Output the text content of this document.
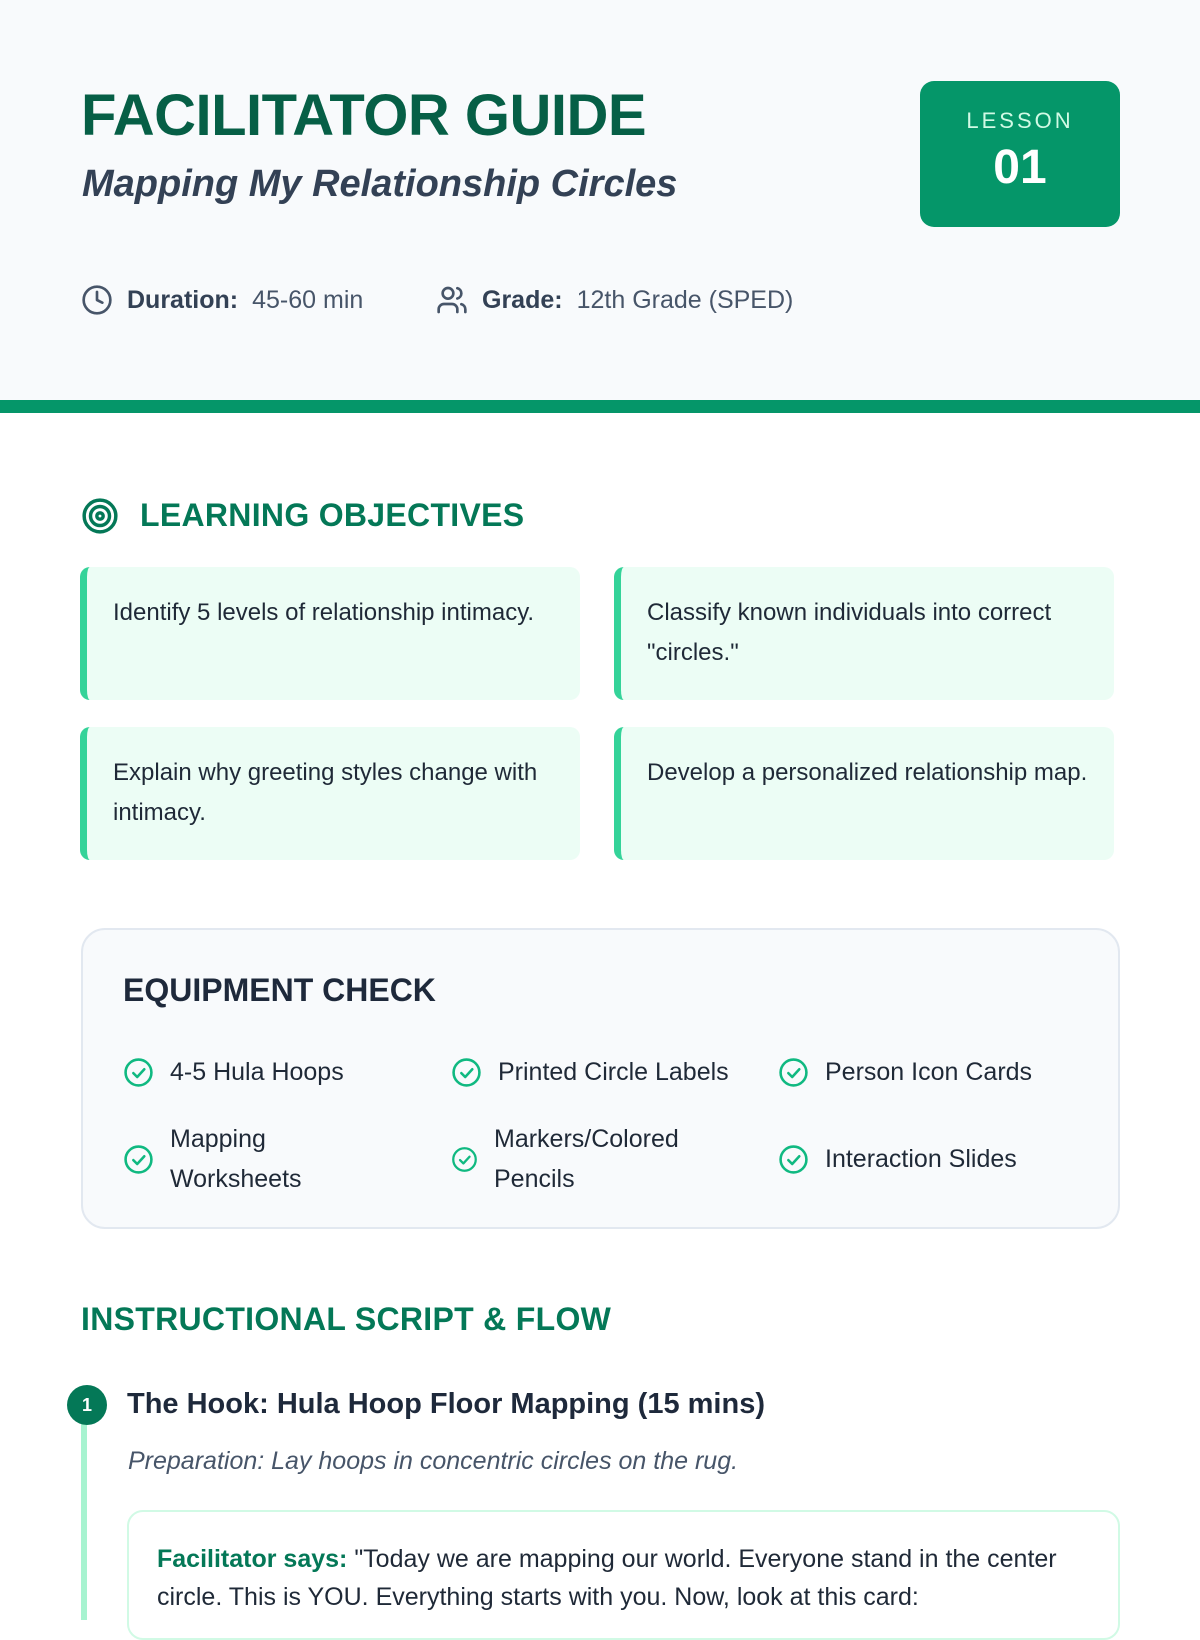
FACILITATOR GUIDE
Mapping My Relationship Circles
LESSON
01
Duration: 45-60 min	Grade: 12th Grade (SPED)
LEARNING OBJECTIVES
Identify 5 levels of relationship intimacy.	Classify known individuals into correct "circles."
Explain why greeting styles change with intimacy.
Develop a personalized relationship map.
EQUIPMENT CHECK
4-5 Hula Hoops	Printed Circle Labels	Person Icon Cards
Mapping Worksheets
Markers/Colored Pencils
Interaction Slides
INSTRUCTIONAL SCRIPT & FLOW
1	The Hook: Hula Hoop Floor Mapping (15 mins)
Preparation: Lay hoops in concentric circles on the rug.
Facilitator says: "Today we are mapping our world. Everyone stand in the center circle. This is YOU. Everything starts with you. Now, look at this card:
